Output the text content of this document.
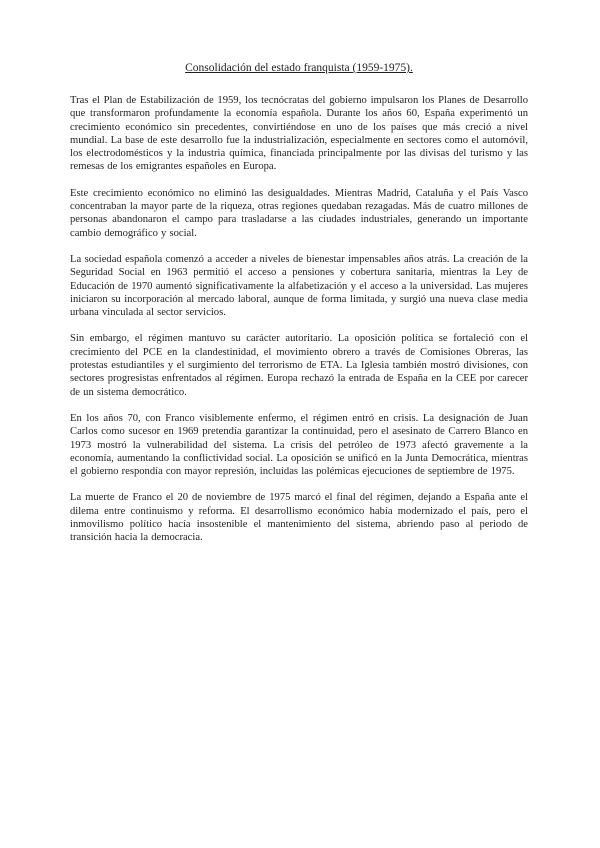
Consolidación del estado franquista (1959-1975).

Tras el Plan de Estabilización de 1959, los tecnócratas del gobierno impulsaron los Planes de Desarrollo que transformaron profundamente la economía española. Durante los años 60, España experimentó un crecimiento económico sin precedentes, convirtiéndose en uno de los países que más creció a nivel mundial. La base de este desarrollo fue la industrialización, especialmente en sectores como el automóvil, los electrodomésticos y la industria química, financiada principalmente por las divisas del turismo y las remesas de los emigrantes españoles en Europa.

Este crecimiento económico no eliminó las desigualdades. Mientras Madrid, Cataluña y el País Vasco concentraban la mayor parte de la riqueza, otras regiones quedaban rezagadas. Más de cuatro millones de personas abandonaron el campo para trasladarse a las ciudades industriales, generando un importante cambio demográfico y social.

La sociedad española comenzó a acceder a niveles de bienestar impensables años atrás. La creación de la Seguridad Social en 1963 permitió el acceso a pensiones y cobertura sanitaria, mientras la Ley de Educación de 1970 aumentó significativamente la alfabetización y el acceso a la universidad. Las mujeres iniciaron su incorporación al mercado laboral, aunque de forma limitada, y surgió una nueva clase media urbana vinculada al sector servicios.

Sin embargo, el régimen mantuvo su carácter autoritario. La oposición política se fortaleció con el crecimiento del PCE en la clandestinidad, el movimiento obrero a través de Comisiones Obreras, las protestas estudiantiles y el surgimiento del terrorismo de ETA. La Iglesia también mostró divisiones, con sectores progresistas enfrentados al régimen. Europa rechazó la entrada de España en la CEE por carecer de un sistema democrático.

En los años 70, con Franco visiblemente enfermo, el régimen entró en crisis. La designación de Juan Carlos como sucesor en 1969 pretendía garantizar la continuidad, pero el asesinato de Carrero Blanco en 1973 mostró la vulnerabilidad del sistema. La crisis del petróleo de 1973 afectó gravemente a la economía, aumentando la conflictividad social. La oposición se unificó en la Junta Democrática, mientras el gobierno respondía con mayor represión, incluidas las polémicas ejecuciones de septiembre de 1975.

La muerte de Franco el 20 de noviembre de 1975 marcó el final del régimen, dejando a España ante el dilema entre continuismo y reforma. El desarrollismo económico había modernizado el país, pero el inmovilismo político hacía insostenible el mantenimiento del sistema, abriendo paso al periodo de transición hacia la democracia.
